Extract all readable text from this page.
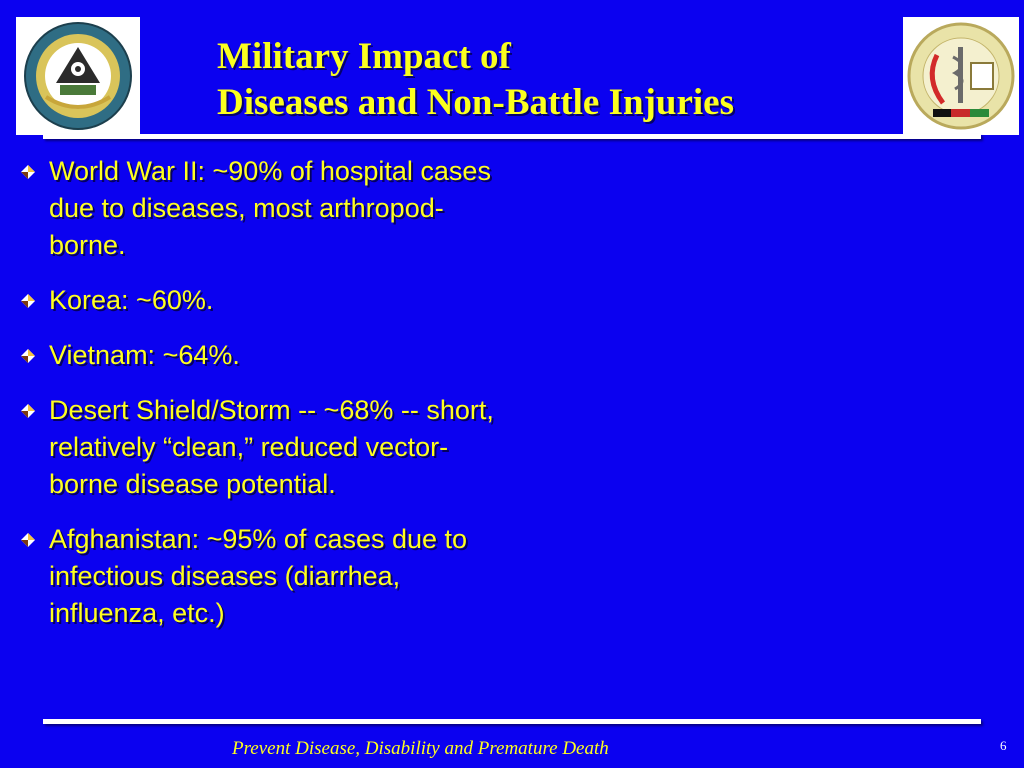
Military Impact of
Diseases and Non-Battle Injuries
World War II: ~90% of hospital cases due to diseases, most arthropod-borne.
Korea: ~60%.
Vietnam: ~64%.
Desert Shield/Storm -- ~68% -- short, relatively “clean,” reduced vector-borne disease potential.
Afghanistan: ~95% of cases due to infectious diseases (diarrhea, influenza, etc.)
Prevent Disease, Disability and Premature Death	6
